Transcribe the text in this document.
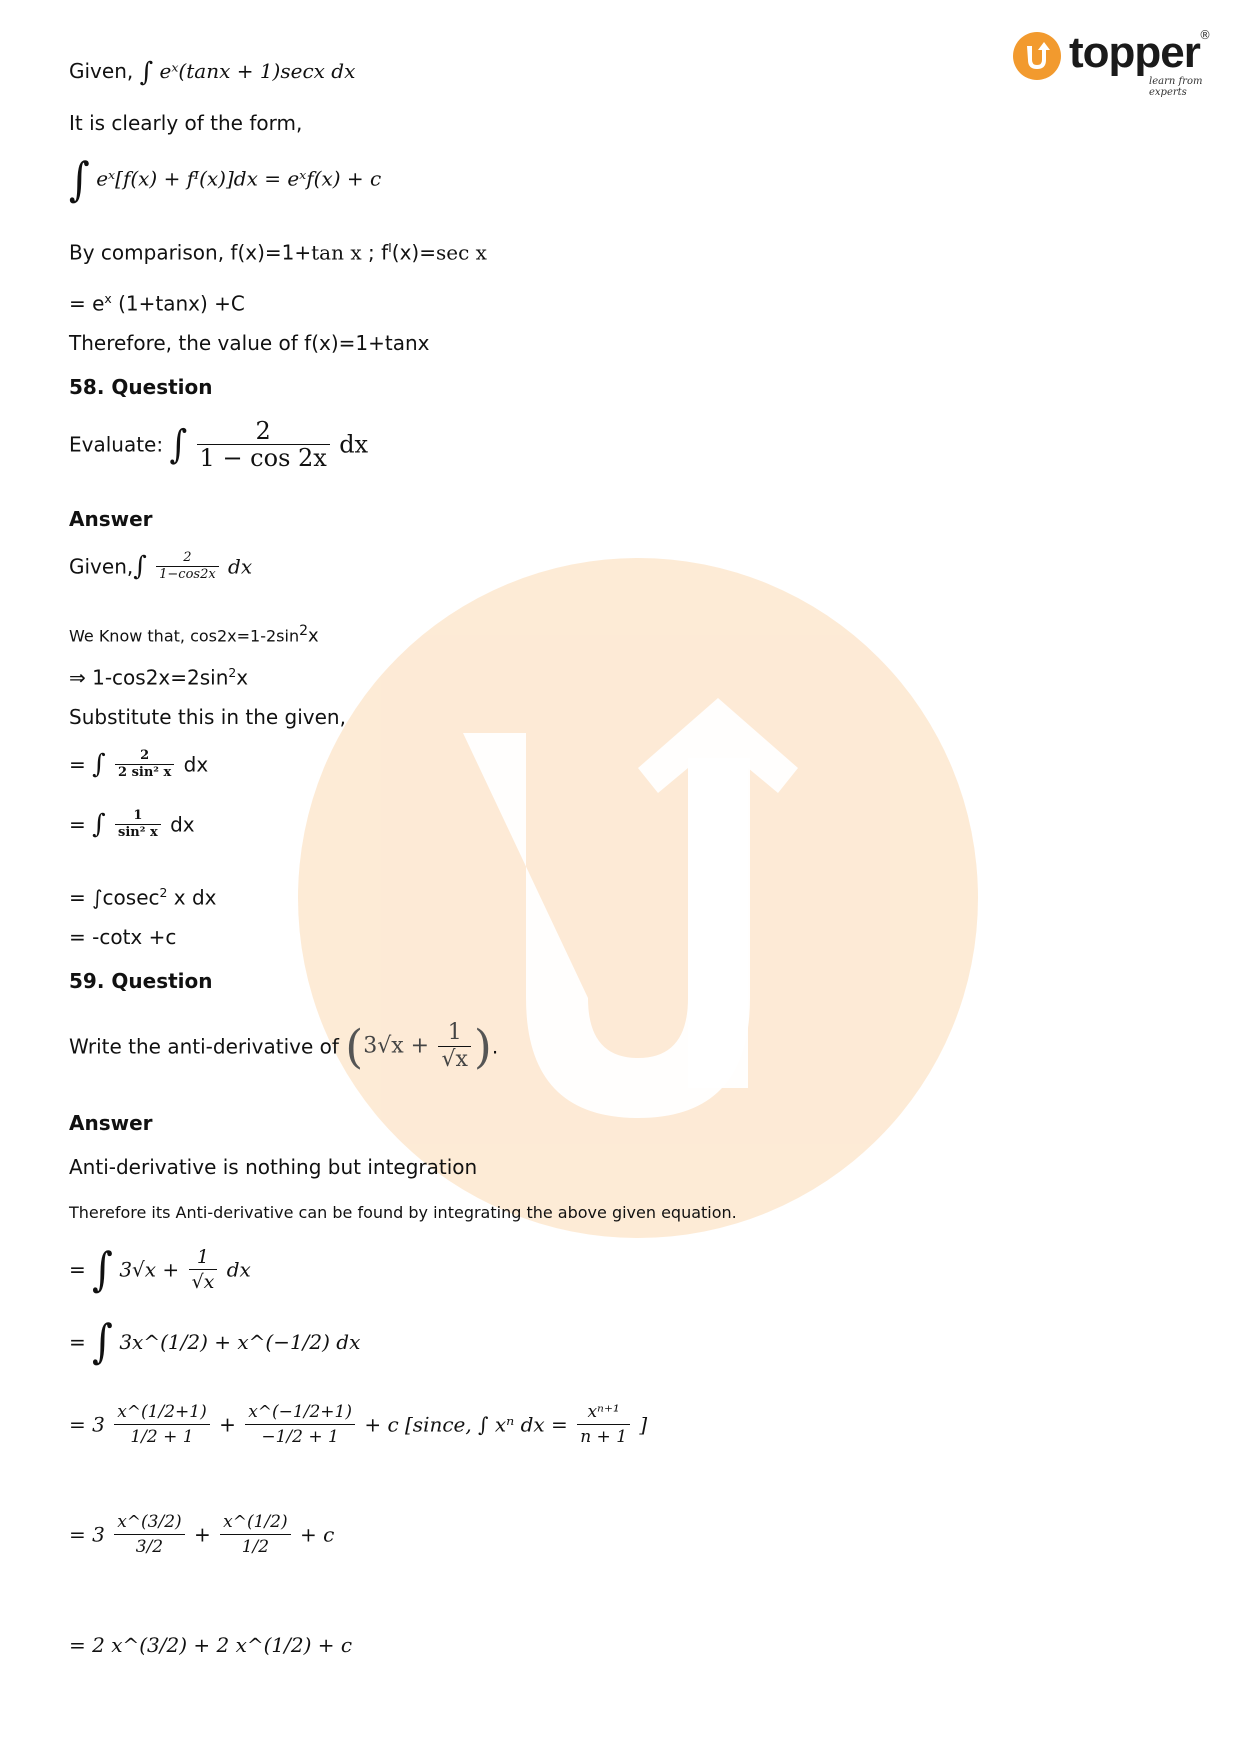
topper
learn from experts
®
Given, ∫ eˣ(tanx + 1)secx dx
It is clearly of the form,
∫ eˣ[f(x) + fᴵ(x)]dx = eˣf(x) + c
By comparison, f(x)=1+tan x ; $f^I(x)=\sec$ x
= $e^x$ (1+tanx) +C
Therefore, the value of f(x)=1+tanx
58. Question
Evaluate: ∫ $\frac{2}{1 - \cos 2x}$ dx
Answer
Given,∫ $\frac{2}{1-\cos 2x}$ dx
We Know that, cos2x=1-2sin2x
⇒ $1-\cos 2x=2\sin^2x$
Substitute this in the given,
= ∫ $\frac{2}{\text{2 sin² x}}$ dx
= ∫ $\frac{1}{\text{sin² x}}$ dx
= ∫cosec$^2$ x dx
= -cotx +c
59. Question
Write the anti-derivative of ($3√x + \frac{1}{√x}$ ).
Answer
Anti-derivative is nothing but integration
Therefore its Anti-derivative can be found by integrating the above given equation.
= ∫ $3√x + \frac{1}{√x}$ dx
= ∫ 3x^(1/2) + x^(−1/2) dx
= $3 \frac{x\^{}(1/2+1)}{1/2 + 1} + \frac{x\^{}(-1/2+1)}{-1/2 + 1} + c$ [since, ∫ xⁿ dx = $\frac{\text{xⁿ⁺¹}}{n + 1}$ ]
= $3 \frac{x\^{}(3/2)}{3/2} + \frac{x\^{}(1/2)}{1/2} + c$
= 2 x^(3/2) + 2 x^(1/2) + c
